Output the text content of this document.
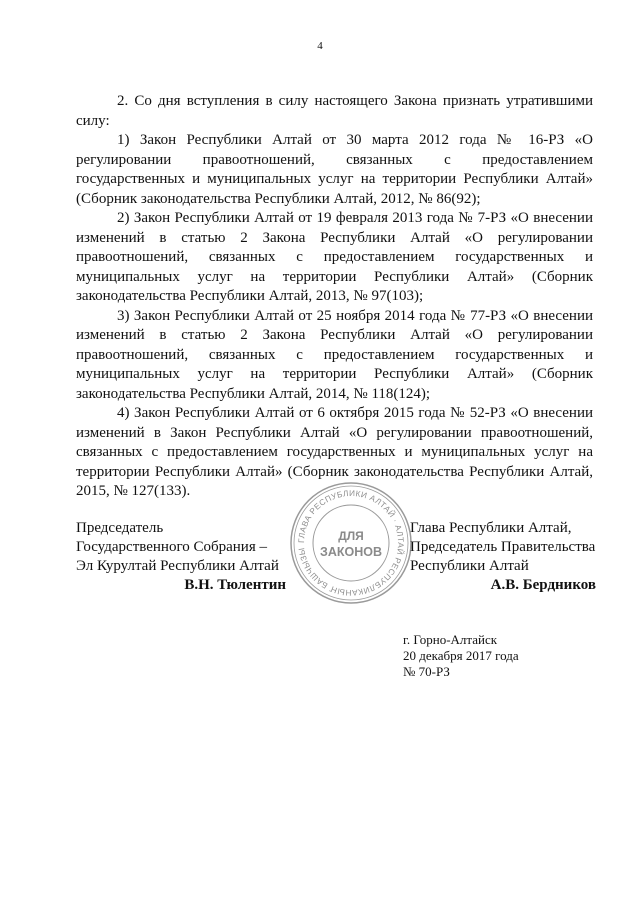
4

2. Со дня вступления в силу настоящего Закона признать утратившими силу:

1) Закон Республики Алтай от 30 марта 2012 года № 16-РЗ «О регулировании правоотношений, связанных с предоставлением государственных и муниципальных услуг на территории Республики Алтай» (Сборник законодательства Республики Алтай, 2012, № 86(92);

2) Закон Республики Алтай от 19 февраля 2013 года № 7-РЗ «О внесении изменений в статью 2 Закона Республики Алтай «О регулировании правоотношений, связанных с предоставлением государственных и муниципальных услуг на территории Республики Алтай» (Сборник законодательства Республики Алтай, 2013, № 97(103);

3) Закон Республики Алтай от 25 ноября 2014 года № 77-РЗ «О внесении изменений в статью 2 Закона Республики Алтай «О регулировании правоотношений, связанных с предоставлением государственных и муниципальных услуг на территории Республики Алтай» (Сборник законодательства Республики Алтай, 2014, № 118(124);

4) Закон Республики Алтай от 6 октября 2015 года № 52-РЗ «О внесении изменений в Закон Республики Алтай «О регулировании правоотношений, связанных с предоставлением государственных и муниципальных услуг на территории Республики Алтай» (Сборник законодательства Республики Алтай, 2015, № 127(133).

Председатель
Государственного Собрания –
Эл Курултай Республики Алтай
В.Н. Тюлентин
ГЛАВА РЕСПУБЛИКИ АЛТАЙ · АЛТАЙ РЕСПУБЛИКАНЫҤ БАШЧЫЗЫ
ДЛЯ
ЗАКОНОВ
Глава Республики Алтай,
Председатель Правительства
Республики Алтай
А.В. Бердников
г. Горно-Алтайск
20 декабря 2017 года
№ 70-РЗ
